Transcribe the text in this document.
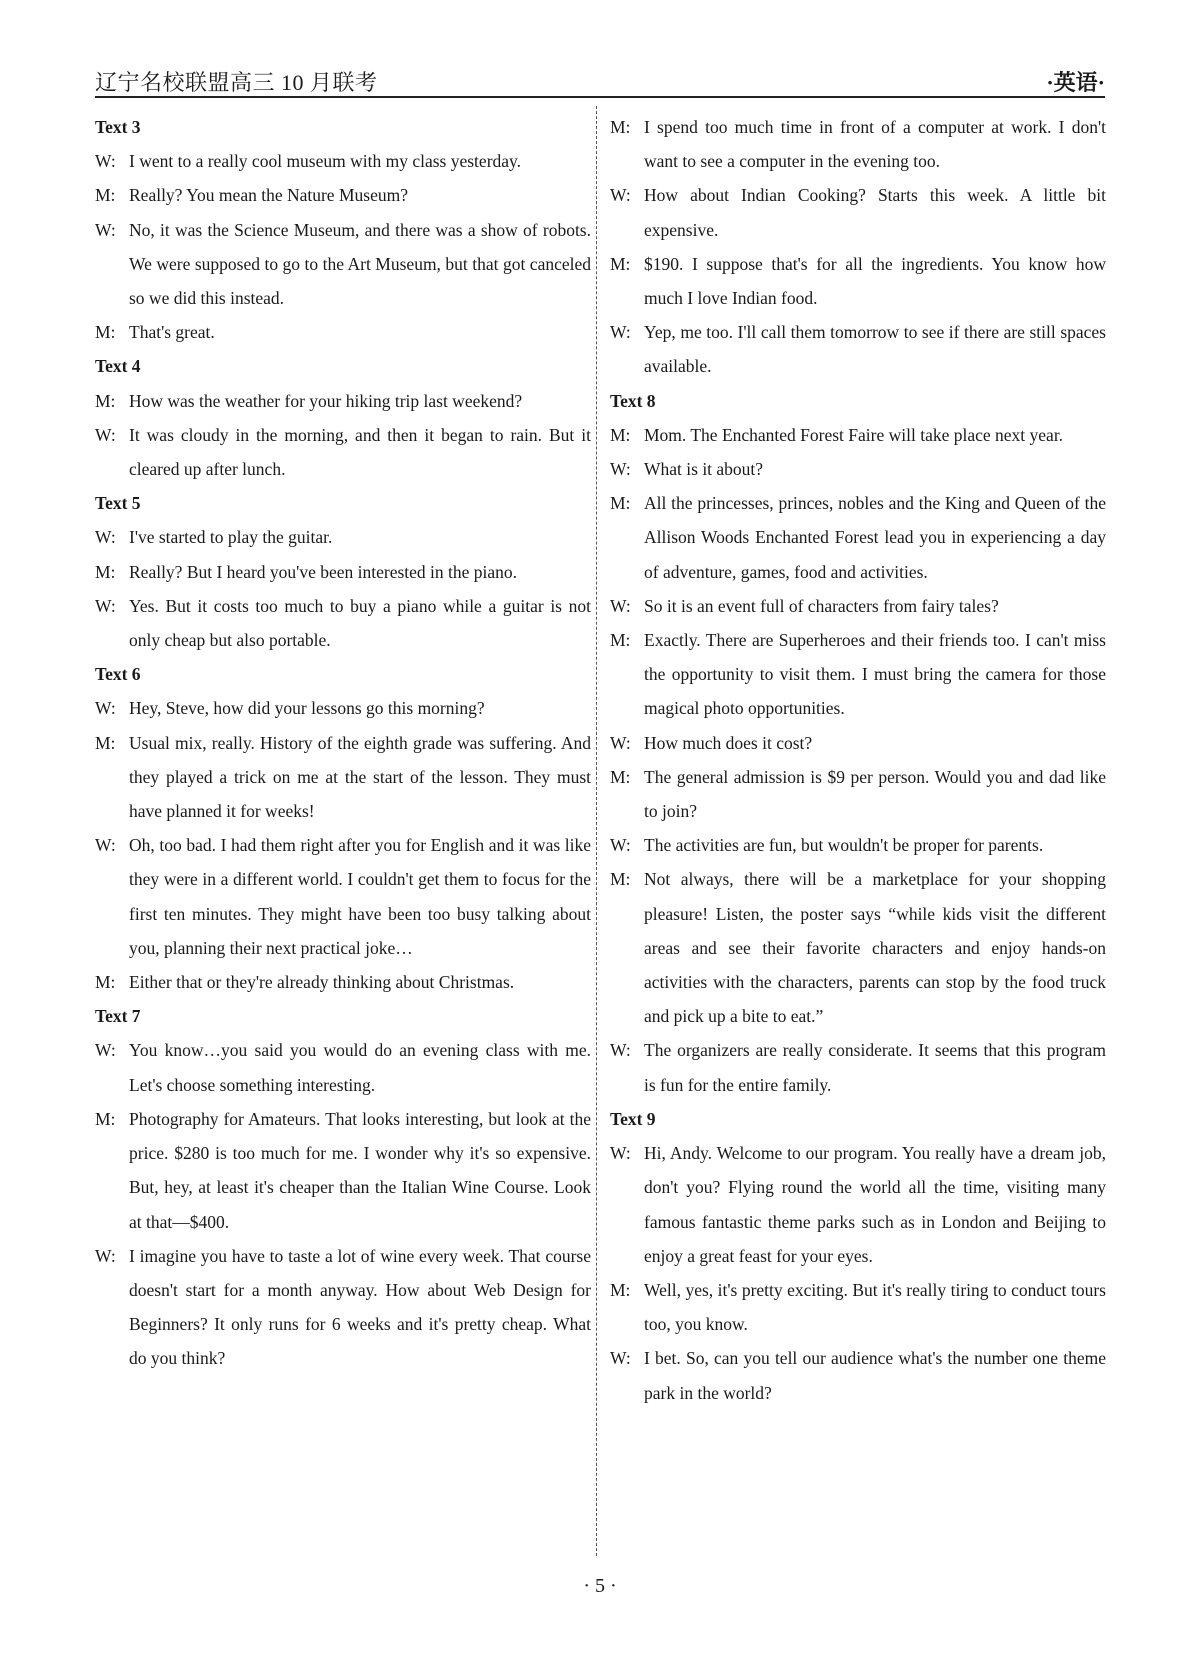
辽宁名校联盟高三 10 月联考	·英语·

Text 3

W: I went to a really cool museum with my class yesterday.

M: Really? You mean the Nature Museum?

W: No, it was the Science Museum, and there was a show of robots. We were supposed to go to the Art Museum, but that got canceled so we did this instead.

M: That's great.

Text 4

M: How was the weather for your hiking trip last weekend?

W: It was cloudy in the morning, and then it began to rain. But it cleared up after lunch.

Text 5

W: I've started to play the guitar.

M: Really? But I heard you've been interested in the piano.

W: Yes. But it costs too much to buy a piano while a guitar is not only cheap but also portable.

Text 6

W: Hey, Steve, how did your lessons go this morning?

M: Usual mix, really. History of the eighth grade was suffering. And they played a trick on me at the start of the lesson. They must have planned it for weeks!

W: Oh, too bad. I had them right after you for English and it was like they were in a different world. I couldn't get them to focus for the first ten minutes. They might have been too busy talking about you, planning their next practical joke…

M: Either that or they're already thinking about Christmas.

Text 7

W: You know…you said you would do an evening class with me. Let's choose something interesting.

M: Photography for Amateurs. That looks interesting, but look at the price. $280 is too much for me. I wonder why it's so expensive. But, hey, at least it's cheaper than the Italian Wine Course. Look at that—$400.

W: I imagine you have to taste a lot of wine every week. That course doesn't start for a month anyway. How about Web Design for Beginners? It only runs for 6 weeks and it's pretty cheap. What do you think?

M: I spend too much time in front of a computer at work. I don't want to see a computer in the evening too.

W: How about Indian Cooking? Starts this week. A little bit expensive.

M: $190. I suppose that's for all the ingredients. You know how much I love Indian food.

W: Yep, me too. I'll call them tomorrow to see if there are still spaces available.

Text 8

M: Mom. The Enchanted Forest Faire will take place next year.

W: What is it about?

M: All the princesses, princes, nobles and the King and Queen of the Allison Woods Enchanted Forest lead you in experiencing a day of adventure, games, food and activities.

W: So it is an event full of characters from fairy tales?

M: Exactly. There are Superheroes and their friends too. I can't miss the opportunity to visit them. I must bring the camera for those magical photo opportunities.

W: How much does it cost?

M: The general admission is $9 per person. Would you and dad like to join?

W: The activities are fun, but wouldn't be proper for parents.

M: Not always, there will be a marketplace for your shopping pleasure! Listen, the poster says “while kids visit the different areas and see their favorite characters and enjoy hands-on activities with the characters, parents can stop by the food truck and pick up a bite to eat.”

W: The organizers are really considerate. It seems that this program is fun for the entire family.

Text 9

W: Hi, Andy. Welcome to our program. You really have a dream job, don't you? Flying round the world all the time, visiting many famous fantastic theme parks such as in London and Beijing to enjoy a great feast for your eyes.

M: Well, yes, it's pretty exciting. But it's really tiring to conduct tours too, you know.

W: I bet. So, can you tell our audience what's the number one theme park in the world?

· 5 ·
